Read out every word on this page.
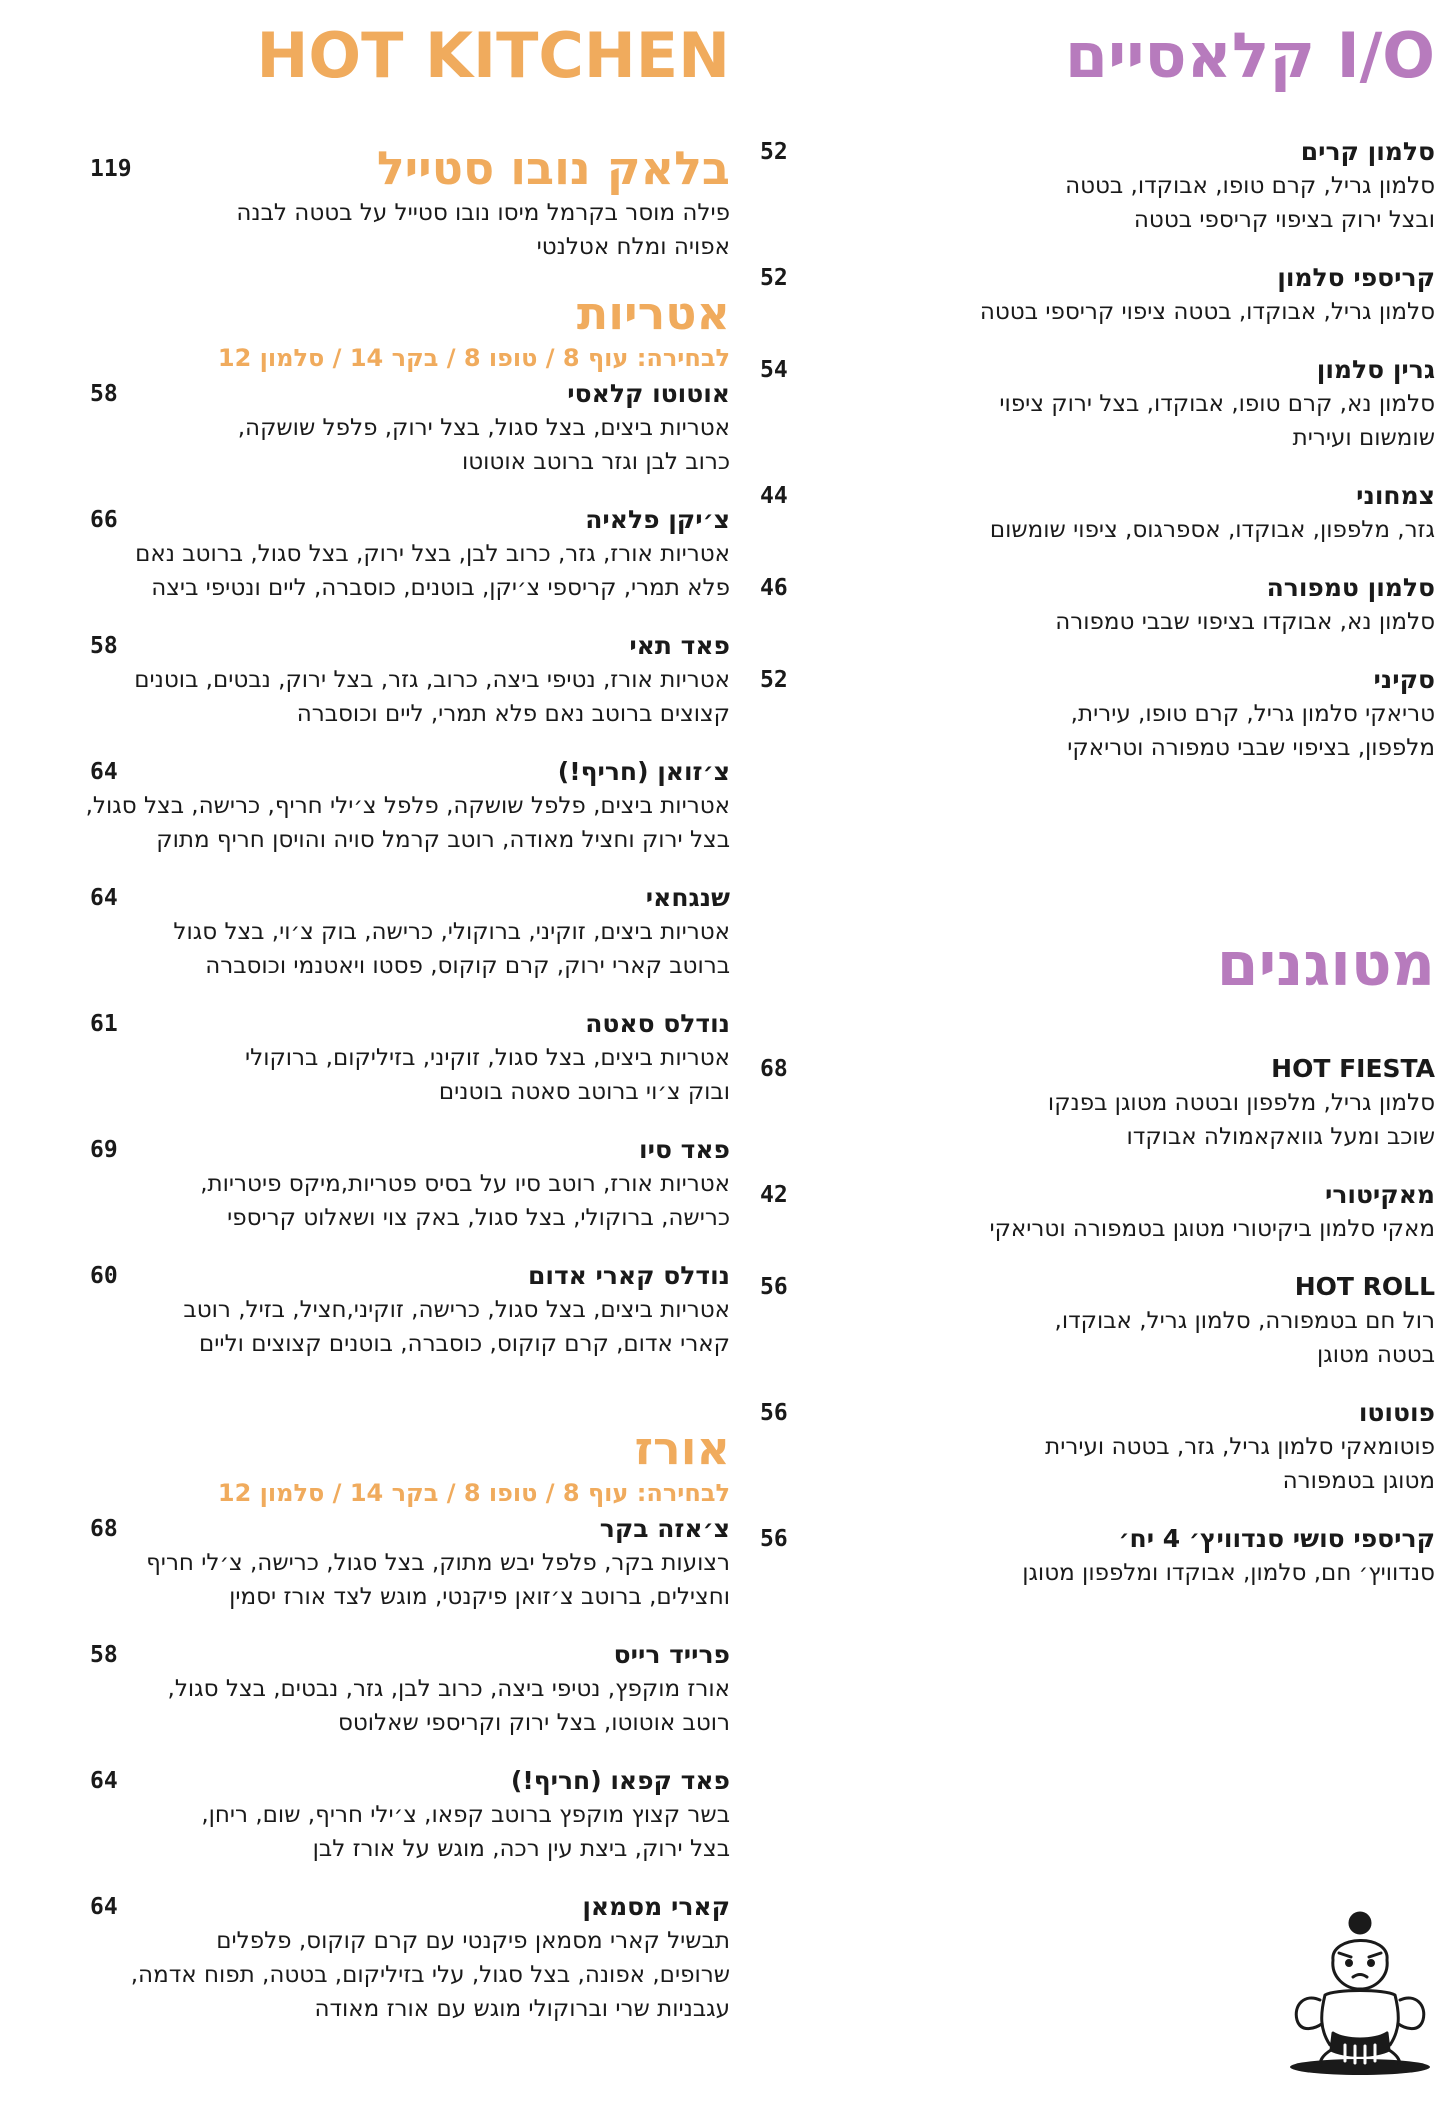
I/O קלאסיים
סלמון קרים
52

סלמון גריל, קרם טופו, אבוקדו, בטטה

ובצל ירוק בציפוי קריספי בטטה

קריספי סלמון
52

סלמון גריל, אבוקדו, בטטה ציפוי קריספי בטטה

גרין סלמון
54

סלמון נא, קרם טופו, אבוקדו, בצל ירוק ציפוי

שומשום ועירית

צמחוני
44

גזר, מלפפון, אבוקדו, אספרגוס, ציפוי שומשום

סלמון טמפורה
46

סלמון נא, אבוקדו בציפוי שבבי טמפורה

סקיני
52

טריאקי סלמון גריל, קרם טופו, עירית,

מלפפון, בציפוי שבבי טמפורה וטריאקי

מטוגנים
HOT FIESTA
68

סלמון גריל, מלפפון ובטטה מטוגן בפנקו

שוכב ומעל גוואקאמולה אבוקדו

מאקיטורי
42

מאקי סלמון ביקיטורי מטוגן בטמפורה וטריאקי

HOT ROLL
56

רול חם בטמפורה, סלמון גריל, אבוקדו,

בטטה מטוגן

פוטוטו
56

פוטומאקי סלמון גריל, גזר, בטטה ועירית

מטוגן בטמפורה

קריספי סושי סנדוויץ׳ 4 יח׳
56

סנדוויץ׳ חם, סלמון, אבוקדו ומלפפון מטוגן

HOT KITCHEN
בלאק נובו סטייל
119

פילה מוסר בקרמל מיסו נובו סטייל על בטטה לבנה

אפויה ומלח אטלנטי

אטריות

לבחירה: עוף 8 / טופו 8 / בקר 14 / סלמון 12

אוטוטו קלאסי
58

אטריות ביצים, בצל סגול, בצל ירוק, פלפל שושקה,

כרוב לבן וגזר ברוטב אוטוטו

צ׳יקן פלאיה
66

אטריות אורז, גזר, כרוב לבן, בצל ירוק, בצל סגול, ברוטב נאם

פלא תמרי, קריספי צ׳יקן, בוטנים, כוסברה, ליים ונטיפי ביצה

פאד תאי
58

אטריות אורז, נטיפי ביצה, כרוב, גזר, בצל ירוק, נבטים, בוטנים

קצוצים ברוטב נאם פלא תמרי, ליים וכוסברה

צ׳זואן (חריף!)
64

אטריות ביצים, פלפל שושקה, פלפל צ׳ילי חריף, כרישה, בצל סגול,

בצל ירוק וחציל מאודה, רוטב קרמל סויה והויסן חריף מתוק

שנגחאי
64

אטריות ביצים, זוקיני, ברוקולי, כרישה, בוק צ׳וי, בצל סגול

ברוטב קארי ירוק, קרם קוקוס, פסטו ויאטנמי וכוסברה

נודלס סאטה
61

אטריות ביצים, בצל סגול, זוקיני, בזיליקום, ברוקולי

ובוק צ׳וי ברוטב סאטה בוטנים

פאד סיו
69

אטריות אורז, רוטב סיו על בסיס פטריות,מיקס פיטריות,

כרישה, ברוקולי, בצל סגול, באק צוי ושאלוט קריספי

נודלס קארי אדום
60

אטריות ביצים, בצל סגול, כרישה, זוקיני,חציל, בזיל, רוטב

קארי אדום, קרם קוקוס, כוסברה, בוטנים קצוצים וליים

אורז

לבחירה: עוף 8 / טופו 8 / בקר 14 / סלמון 12

צ׳אזה בקר
68

רצועות בקר, פלפל יבש מתוק, בצל סגול, כרישה, צ׳לי חריף

וחצילים, ברוטב צ׳זואן פיקנטי, מוגש לצד אורז יסמין

פרייד רייס
58

אורז מוקפץ, נטיפי ביצה, כרוב לבן, גזר, נבטים, בצל סגול,

רוטב אוטוטו, בצל ירוק וקריספי שאלוטס

פאד קפאו (חריף!)
64

בשר קצוץ מוקפץ ברוטב קפאו, צ׳ילי חריף, שום, ריחן,

בצל ירוק, ביצת עין רכה, מוגש על אורז לבן

קארי מסמאן
64

תבשיל קארי מסמאן פיקנטי עם קרם קוקוס, פלפלים

שרופים, אפונה, בצל סגול, עלי בזיליקום, בטטה, תפוח אדמה,

עגבניות שרי וברוקולי מוגש עם אורז מאודה
